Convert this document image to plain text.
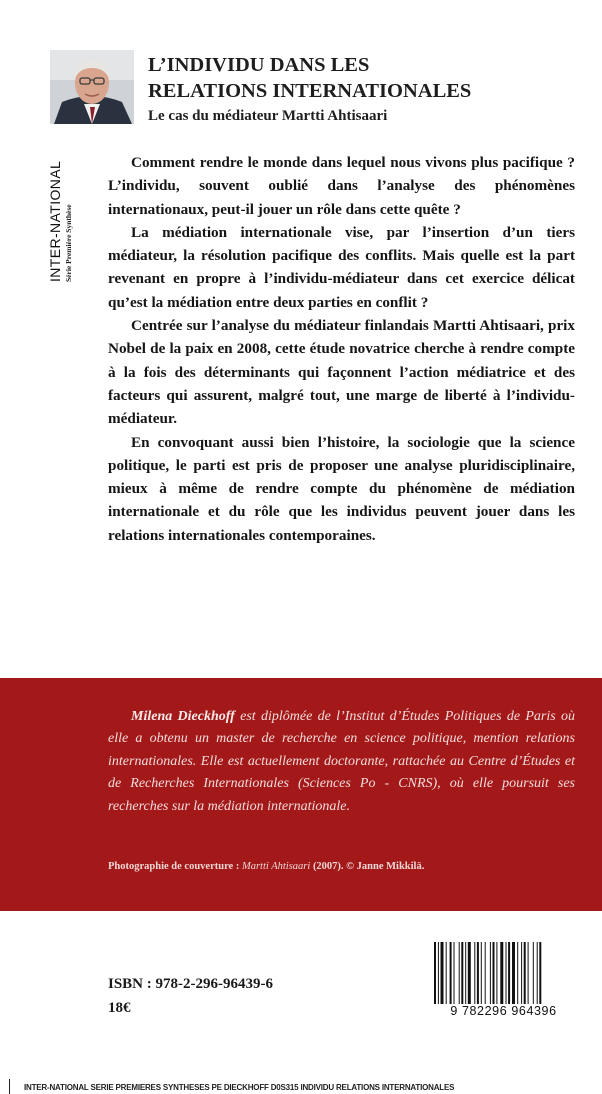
L’INDIVIDU DANS LES
RELATIONS INTERNATIONALES
Le cas du médiateur Martti Ahtisaari
INTER-NATIONAL Série Première Synthèse

Comment rendre le monde dans lequel nous vivons plus pacifique ? L’individu, souvent oublié dans l’analyse des phénomènes internationaux, peut-il jouer un rôle dans cette quête ?

La médiation internationale vise, par l’insertion d’un tiers médiateur, la résolution pacifique des conflits. Mais quelle est la part revenant en propre à l’individu-médiateur dans cet exercice délicat qu’est la médiation entre deux parties en conflit ?

Centrée sur l’analyse du médiateur finlandais Martti Ahtisaari, prix Nobel de la paix en 2008, cette étude novatrice cherche à rendre compte à la fois des déterminants qui façonnent l’action médiatrice et des facteurs qui assurent, malgré tout, une marge de liberté à l’individu-médiateur.

En convoquant aussi bien l’histoire, la sociologie que la science politique, le parti est pris de proposer une analyse pluridisciplinaire, mieux à même de rendre compte du phénomène de médiation internationale et du rôle que les individus peuvent jouer dans les relations internationales contemporaines.

Milena Dieckhoff est diplômée de l’Institut d’Études Politiques de Paris où elle a obtenu un master de recherche en science politique, mention relations internationales. Elle est actuellement doctorante, rattachée au Centre d’Études et de Recherches Internationales (Sciences Po - CNRS), où elle poursuit ses recherches sur la médiation internationale.
Photographie de couverture : Martti Ahtisaari (2007). © Janne Mikkilä.
ISBN : 978-2-296-96439-6
18€	9 782296 964396
INTER-NATIONAL SERIE PREMIERES SYNTHESES PE DIECKHOFF D0S315 INDIVIDU RELATIONS INTERNATIONALES
